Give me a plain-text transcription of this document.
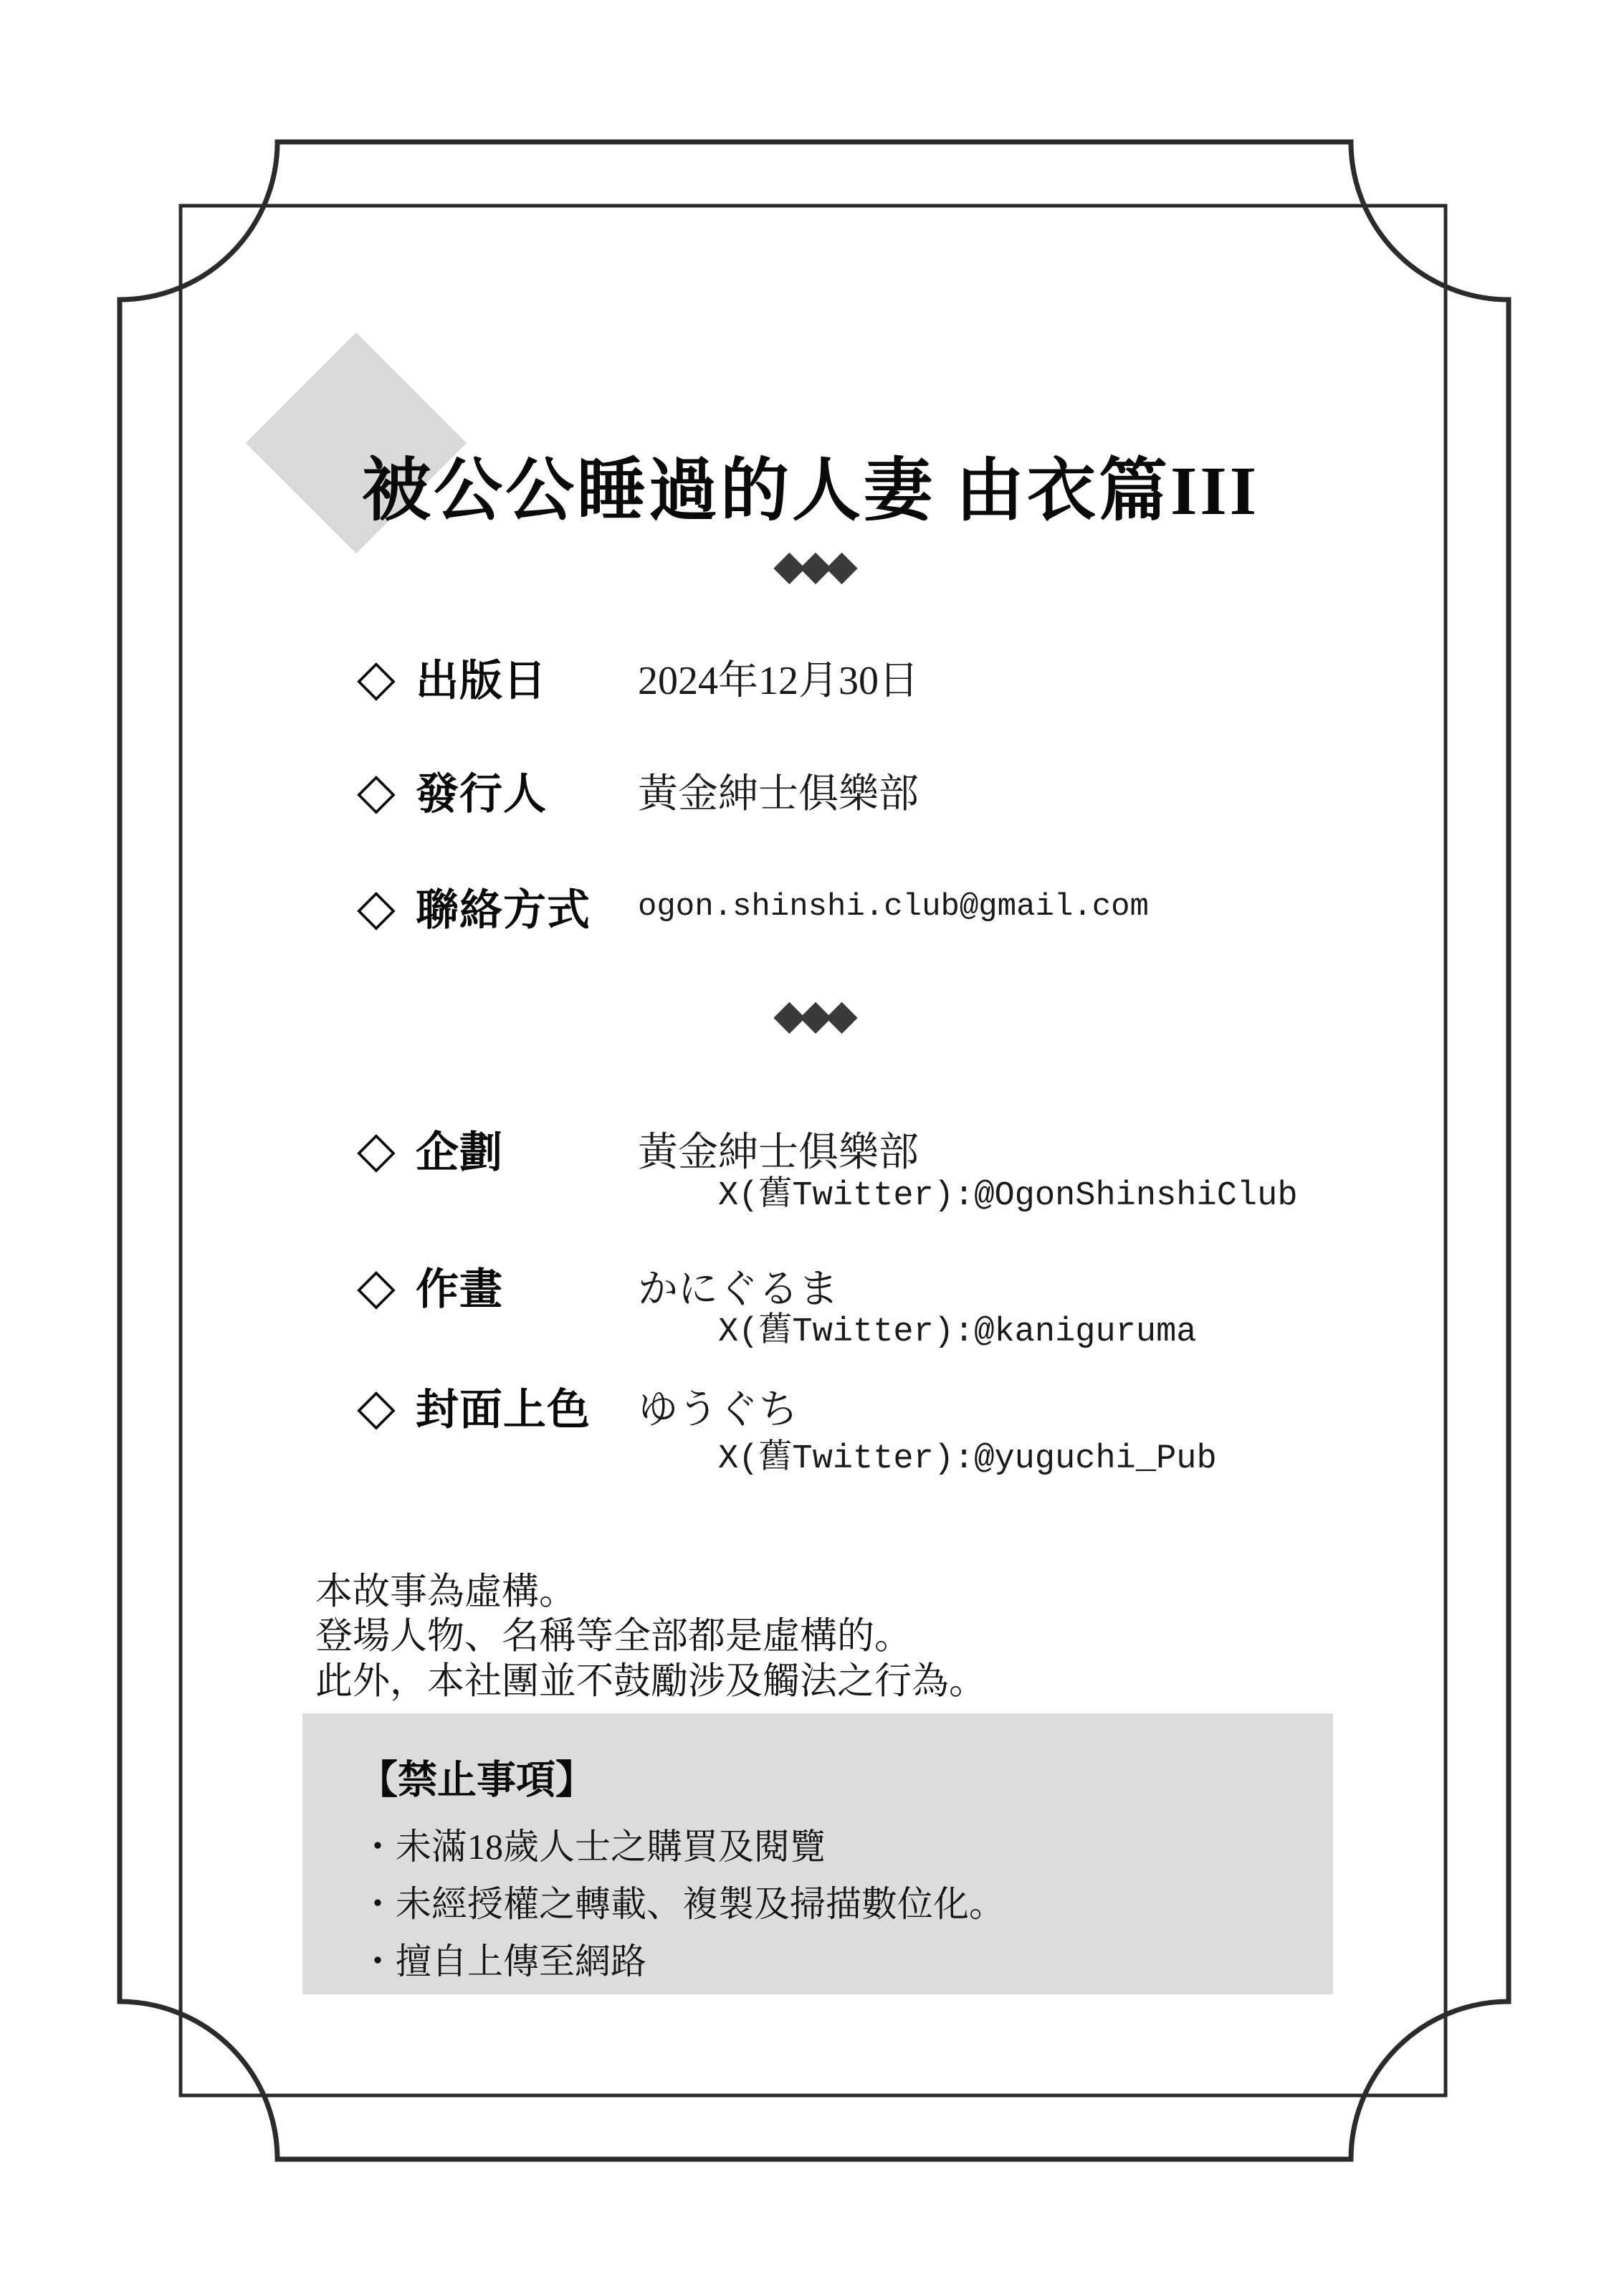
被公公睡過的人妻 由衣篇III
◆◆◆
◇ 出版日 2024年12月30日
◇ 發行人 黃金紳士俱樂部
◇ 聯絡方式 ogon.shinshi.club@gmail.com
◆◆◆
◇ 企劃	黃金紳士俱樂部
X(舊Twitter):@OgonShinshiClub
◇ 作畫	かにぐるま
X(舊Twitter):@kaniguruma
◇ 封面上色 ゆうぐち
X(舊Twitter):@yuguchi_Pub
本故事為虛構。
登場人物、名稱等全部都是虛構的。
此外，本社團並不鼓勵涉及觸法之行為。
【禁止事項】
・未滿18歲人士之購買及閱覽
・未經授權之轉載、複製及掃描數位化。
・擅自上傳至網路
